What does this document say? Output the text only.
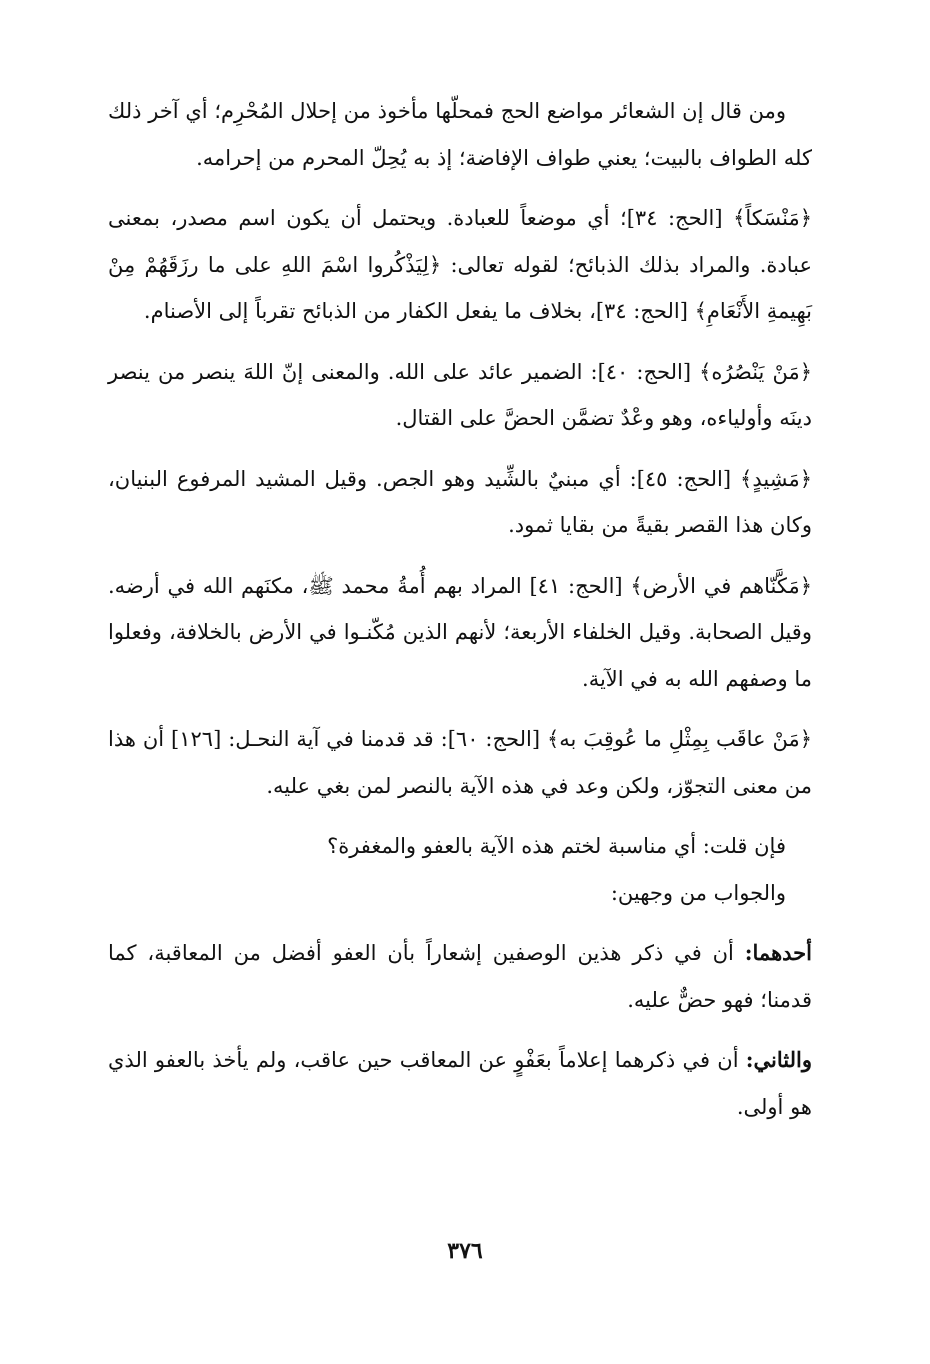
ومن قال إن الشعائر مواضع الحج فمحلّها مأخوذ من إحلال المُحْرِم؛ أي آخر ذلك كله الطواف بالبيت؛ يعني طواف الإفاضة؛ إذ به يُحِلّ المحرم من إحرامه.

﴿مَنْسَكاً﴾ [الحج: ٣٤]؛ أي موضعاً للعبادة. ويحتمل أن يكون اسم مصدر، بمعنى عبادة. والمراد بذلك الذبائح؛ لقوله تعالى: ﴿لِيَذْكُروا اسْمَ اللهِ على ما رزَقَهُمْ مِنْ بَهِيمةِ الأَنْعَامِ﴾ [الحج: ٣٤]، بخلاف ما يفعل الكفار من الذبائح تقرباً إلى الأصنام.

﴿مَنْ يَنْصُرُه﴾ [الحج: ٤٠]: الضمير عائد على الله. والمعنى إنّ اللهَ ينصر من ينصر دينَه وأولياءه، وهو وعْدٌ تضمَّن الحضَّ على القتال.

﴿مَشِيدٍ﴾ [الحج: ٤٥]: أي مبنيٌ بالشِّيد وهو الجص. وقيل المشيد المرفوع البنيان، وكان هذا القصر بقيةً من بقايا ثمود.

﴿مَكَّنّاهم في الأرض﴾ [الحج: ٤١] المراد بهم أُمةُ محمد ﷺ، مكنَهم الله في أرضه. وقيل الصحابة. وقيل الخلفاء الأربعة؛ لأنهم الذين مُكّنـوا في الأرض بالخلافة، وفعلوا ما وصفهم الله به في الآية.

﴿مَنْ عاقَب بِمِثْلِ ما عُوقِبَ به﴾ [الحج: ٦٠]: قد قدمنا في آية النحـل: [١٢٦] أن هذا من معنى التجوّز، ولكن وعد في هذه الآية بالنصر لمن بغي عليه.

فإن قلت: أي مناسبة لختم هذه الآية بالعفو والمغفرة؟

والجواب من وجهين:

أحدهما: أن في ذكر هذين الوصفين إشعاراً بأن العفو أفضل من المعاقبة، كما قدمنا؛ فهو حضٌّ عليه.

والثاني: أن في ذكرهما إعلاماً بعَفْوٍ عن المعاقب حين عاقب، ولم يأخذ بالعفو الذي هو أولى.

٣٧٦
